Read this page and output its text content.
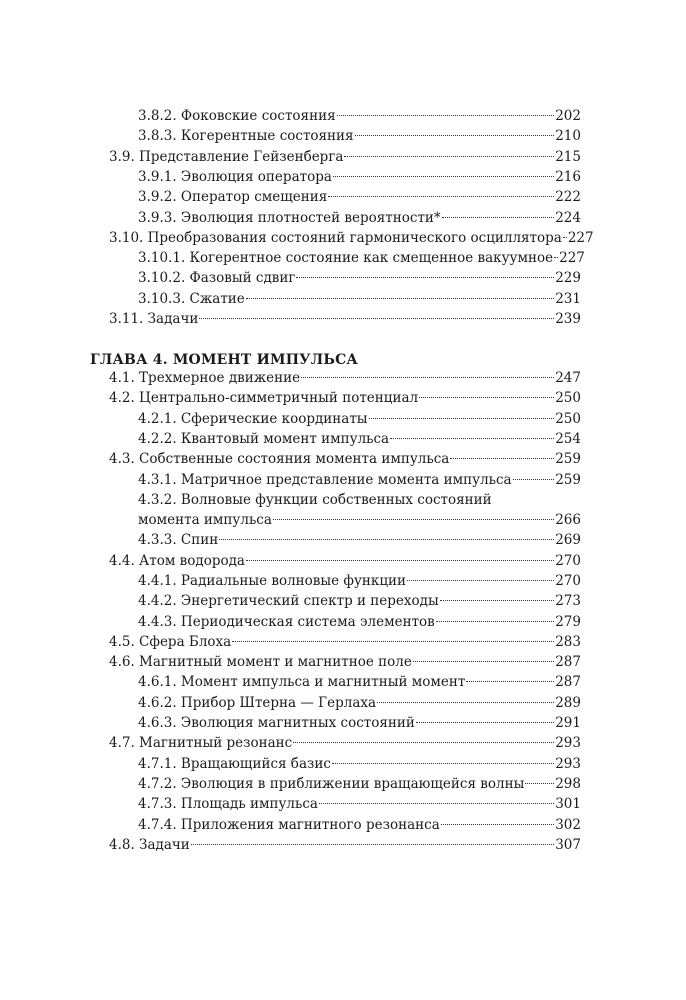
3.8.2. Фоковские состояния	202
3.8.3. Когерентные состояния	210
3.9. Представление Гейзенберга	215
3.9.1. Эволюция оператора	216
3.9.2. Оператор смещения	222
3.9.3. Эволюция плотностей вероятности*	224
3.10. Преобразования состояний гармонического осциллятора 227
3.10.1. Когерентное состояние как смещенное вакуумное 227
3.10.2. Фазовый сдвиг	229
3.10.3. Сжатие	231
3.11. Задачи	239
4.1. Трехмерное движение	247
4.2. Центрально-симметричный потенциал	250
4.2.1. Сферические координаты	250
4.2.2. Квантовый момент импульса	254
4.3. Собственные состояния момента импульса	259
4.3.1. Матричное представление момента импульса	259
4.3.2. Волновые функции собственных состояний
момента импульса	266
4.3.3. Спин	269
4.4. Атом водорода	270
4.4.1. Радиальные волновые функции	270
4.4.2. Энергетический спектр и переходы	273
4.4.3. Периодическая система элементов	279
4.5. Сфера Блоха	283
4.6. Магнитный момент и магнитное поле	287
4.6.1. Момент импульса и магнитный момент	287
4.6.2. Прибор Штерна — Герлаха	289
4.6.3. Эволюция магнитных состояний	291
4.7. Магнитный резонанс	293
4.7.1. Вращающийся базис	293
4.7.2. Эволюция в приближении вращающейся волны 298
4.7.3. Площадь импульса	301
4.7.4. Приложения магнитного резонанса	302
4.8. Задачи	307
ГЛАВА 4. МОМЕНТ ИМПУЛЬСА
